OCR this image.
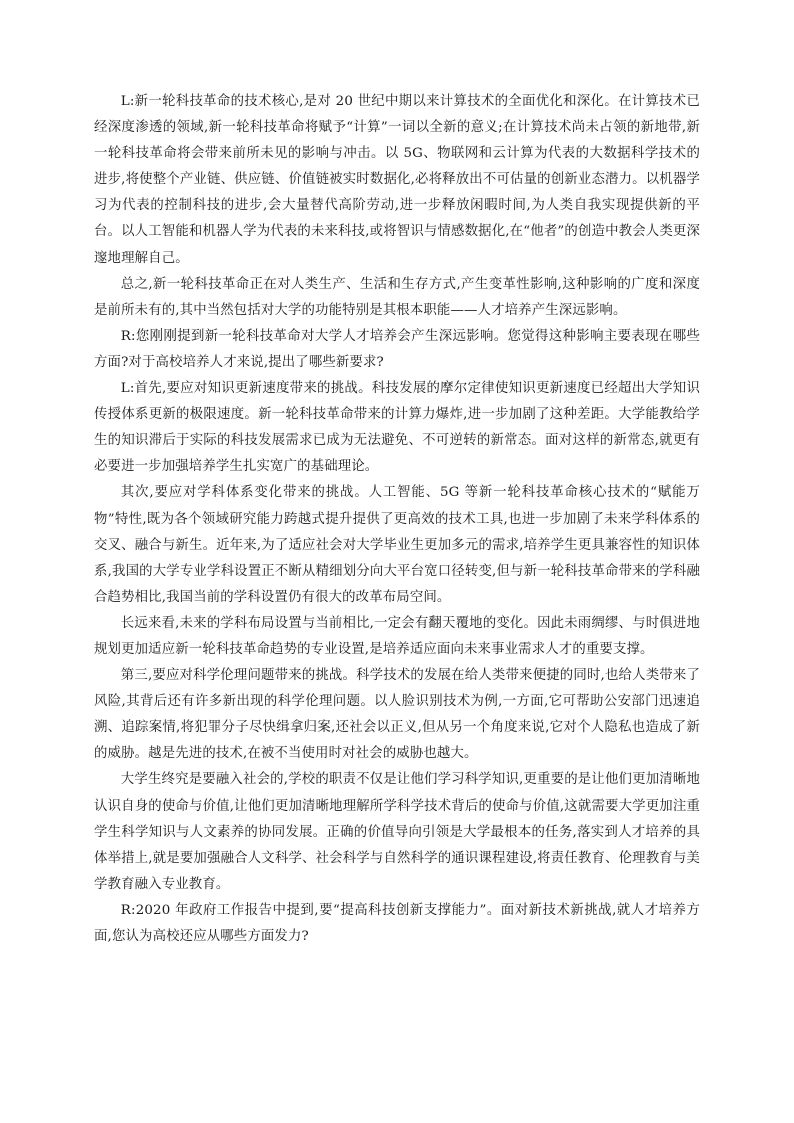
L:新一轮科技革命的技术核心,是对 20 世纪中期以来计算技术的全面优化和深化。在计算技术已经深度渗透的领域,新一轮科技革命将赋予“计算”一词以全新的意义;在计算技术尚未占领的新地带,新一轮科技革命将会带来前所未见的影响与冲击。以 5G、物联网和云计算为代表的大数据科学技术的进步,将使整个产业链、供应链、价值链被实时数据化,必将释放出不可估量的创新业态潜力。以机器学习为代表的控制科技的进步,会大量替代高阶劳动,进一步释放闲暇时间,为人类自我实现提供新的平台。以人工智能和机器人学为代表的未来科技,或将智识与情感数据化,在“他者”的创造中教会人类更深邃地理解自己。

总之,新一轮科技革命正在对人类生产、生活和生存方式,产生变革性影响,这种影响的广度和深度是前所未有的,其中当然包括对大学的功能特别是其根本职能——人才培养产生深远影响。

R:您刚刚提到新一轮科技革命对大学人才培养会产生深远影响。您觉得这种影响主要表现在哪些方面?对于高校培养人才来说,提出了哪些新要求?

L:首先,要应对知识更新速度带来的挑战。科技发展的摩尔定律使知识更新速度已经超出大学知识传授体系更新的极限速度。新一轮科技革命带来的计算力爆炸,进一步加剧了这种差距。大学能教给学生的知识滞后于实际的科技发展需求已成为无法避免、不可逆转的新常态。面对这样的新常态,就更有必要进一步加强培养学生扎实宽广的基础理论。

其次,要应对学科体系变化带来的挑战。人工智能、5G 等新一轮科技革命核心技术的“赋能万物”特性,既为各个领域研究能力跨越式提升提供了更高效的技术工具,也进一步加剧了未来学科体系的交叉、融合与新生。近年来,为了适应社会对大学毕业生更加多元的需求,培养学生更具兼容性的知识体系,我国的大学专业学科设置正不断从精细划分向大平台宽口径转变,但与新一轮科技革命带来的学科融合趋势相比,我国当前的学科设置仍有很大的改革布局空间。

长远来看,未来的学科布局设置与当前相比,一定会有翻天覆地的变化。因此未雨绸缪、与时俱进地规划更加适应新一轮科技革命趋势的专业设置,是培养适应面向未来事业需求人才的重要支撑。

第三,要应对科学伦理问题带来的挑战。科学技术的发展在给人类带来便捷的同时,也给人类带来了风险,其背后还有许多新出现的科学伦理问题。以人脸识别技术为例,一方面,它可帮助公安部门迅速追溯、追踪案情,将犯罪分子尽快缉拿归案,还社会以正义,但从另一个角度来说,它对个人隐私也造成了新的威胁。越是先进的技术,在被不当使用时对社会的威胁也越大。

大学生终究是要融入社会的,学校的职责不仅是让他们学习科学知识,更重要的是让他们更加清晰地认识自身的使命与价值,让他们更加清晰地理解所学科学技术背后的使命与价值,这就需要大学更加注重学生科学知识与人文素养的协同发展。正确的价值导向引领是大学最根本的任务,落实到人才培养的具体举措上,就是要加强融合人文科学、社会科学与自然科学的通识课程建设,将责任教育、伦理教育与美学教育融入专业教育。

R:2020 年政府工作报告中提到,要“提高科技创新支撑能力”。面对新技术新挑战,就人才培养方面,您认为高校还应从哪些方面发力?
